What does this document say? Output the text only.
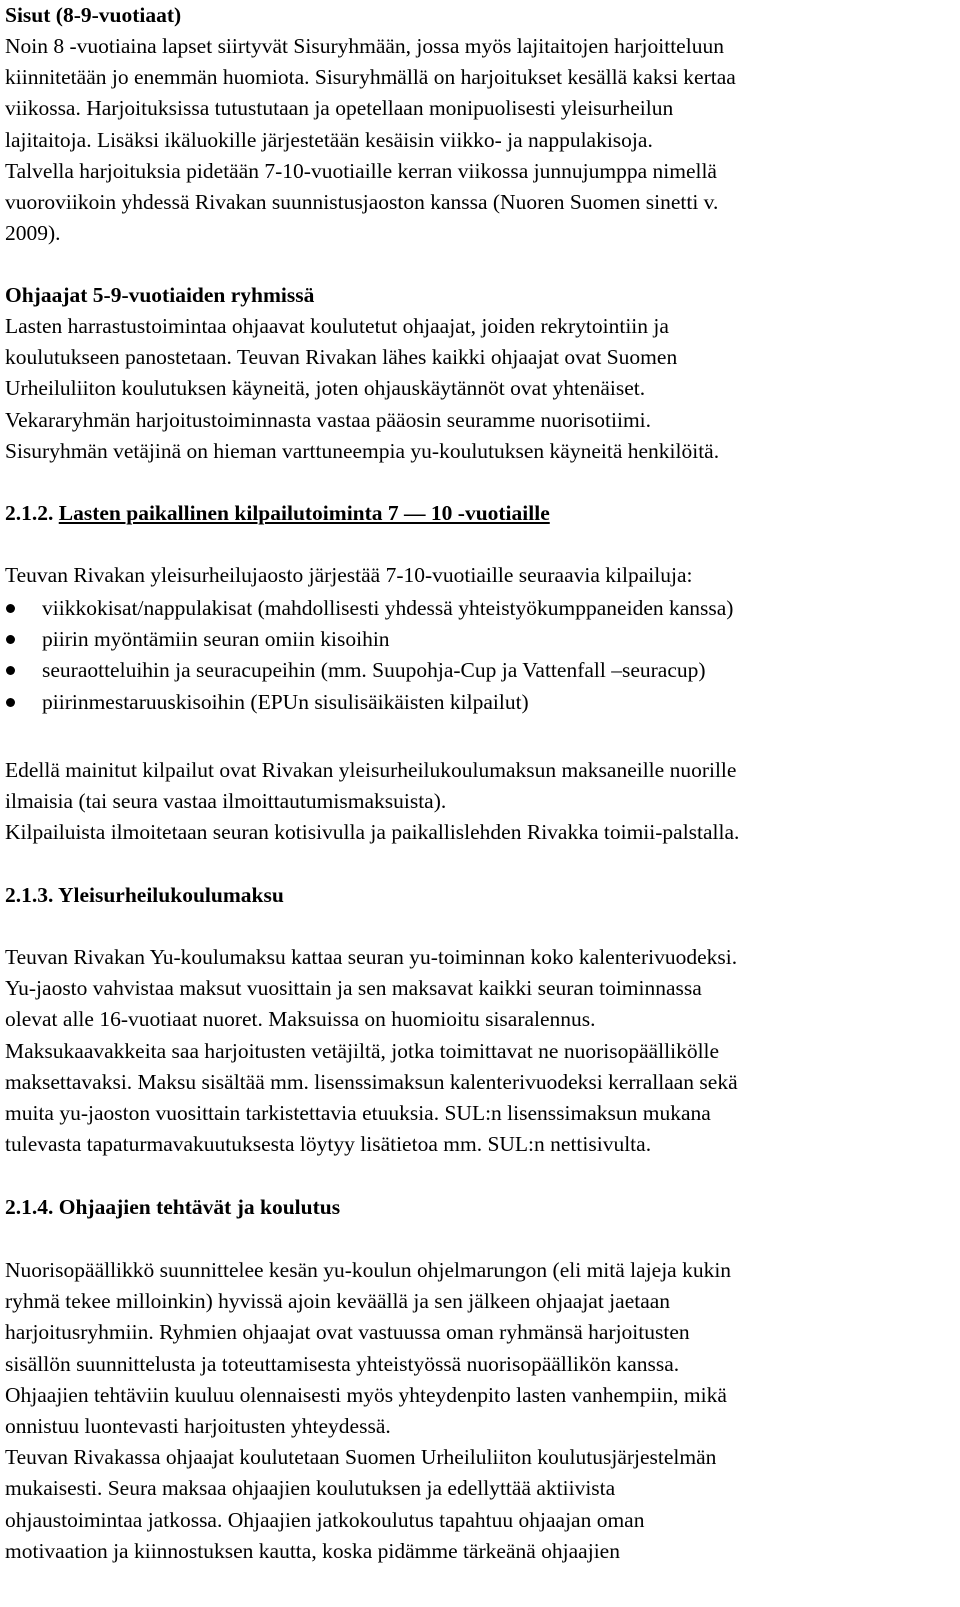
Sisut (8-9-vuotiaat)
Noin 8 -vuotiaina lapset siirtyvät Sisuryhmään, jossa myös lajitaitojen harjoitteluun
kiinnitetään jo enemmän huomiota. Sisuryhmällä on harjoitukset kesällä kaksi kertaa
viikossa. Harjoituksissa tutustutaan ja opetellaan monipuolisesti yleisurheilun
lajitaitoja. Lisäksi ikäluokille järjestetään kesäisin viikko- ja nappulakisoja.
Talvella harjoituksia pidetään 7-10-vuotiaille kerran viikossa junnujumppa nimellä
vuoroviikoin yhdessä Rivakan suunnistusjaoston kanssa (Nuoren Suomen sinetti v.
2009).
Ohjaajat 5-9-vuotiaiden ryhmissä
Lasten harrastustoimintaa ohjaavat koulutetut ohjaajat, joiden rekrytointiin ja
koulutukseen panostetaan. Teuvan Rivakan lähes kaikki ohjaajat ovat Suomen
Urheiluliiton koulutuksen käyneitä, joten ohjauskäytännöt ovat yhtenäiset.
Vekararyhmän harjoitustoiminnasta vastaa pääosin seuramme nuorisotiimi.
Sisuryhmän vetäjinä on hieman varttuneempia yu-koulutuksen käyneitä henkilöitä.
2.1.2. Lasten paikallinen kilpailutoiminta 7 — 10 -vuotiaille
Teuvan Rivakan yleisurheilujaosto järjestää 7-10-vuotiaille seuraavia kilpailuja:
viikkokisat/nappulakisat (mahdollisesti yhdessä yhteistyökumppaneiden kanssa)
piirin myöntämiin seuran omiin kisoihin
seuraotteluihin ja seuracupeihin (mm. Suupohja-Cup ja Vattenfall –seuracup)
piirinmestaruuskisoihin (EPUn sisulisäikäisten kilpailut)
Edellä mainitut kilpailut ovat Rivakan yleisurheilukoulumaksun maksaneille nuorille
ilmaisia (tai seura vastaa ilmoittautumismaksuista).
Kilpailuista ilmoitetaan seuran kotisivulla ja paikallislehden Rivakka toimii-palstalla.
2.1.3. Yleisurheilukoulumaksu
Teuvan Rivakan Yu-koulumaksu kattaa seuran yu-toiminnan koko kalenterivuodeksi.
Yu-jaosto vahvistaa maksut vuosittain ja sen maksavat kaikki seuran toiminnassa
olevat alle 16-vuotiaat nuoret. Maksuissa on huomioitu sisaralennus.
Maksukaavakkeita saa harjoitusten vetäjiltä, jotka toimittavat ne nuorisopäällikölle
maksettavaksi. Maksu sisältää mm. lisenssimaksun kalenterivuodeksi kerrallaan sekä
muita yu-jaoston vuosittain tarkistettavia etuuksia. SUL:n lisenssimaksun mukana
tulevasta tapaturmavakuutuksesta löytyy lisätietoa mm. SUL:n nettisivulta.
2.1.4. Ohjaajien tehtävät ja koulutus
Nuorisopäällikkö suunnittelee kesän yu-koulun ohjelmarungon (eli mitä lajeja kukin
ryhmä tekee milloinkin) hyvissä ajoin keväällä ja sen jälkeen ohjaajat jaetaan
harjoitusryhmiin. Ryhmien ohjaajat ovat vastuussa oman ryhmänsä harjoitusten
sisällön suunnittelusta ja toteuttamisesta yhteistyössä nuorisopäällikön kanssa.
Ohjaajien tehtäviin kuuluu olennaisesti myös yhteydenpito lasten vanhempiin, mikä
onnistuu luontevasti harjoitusten yhteydessä.
Teuvan Rivakassa ohjaajat koulutetaan Suomen Urheiluliiton koulutusjärjestelmän
mukaisesti. Seura maksaa ohjaajien koulutuksen ja edellyttää aktiivista
ohjaustoimintaa jatkossa. Ohjaajien jatkokoulutus tapahtuu ohjaajan oman
motivaation ja kiinnostuksen kautta, koska pidämme tärkeänä ohjaajien
